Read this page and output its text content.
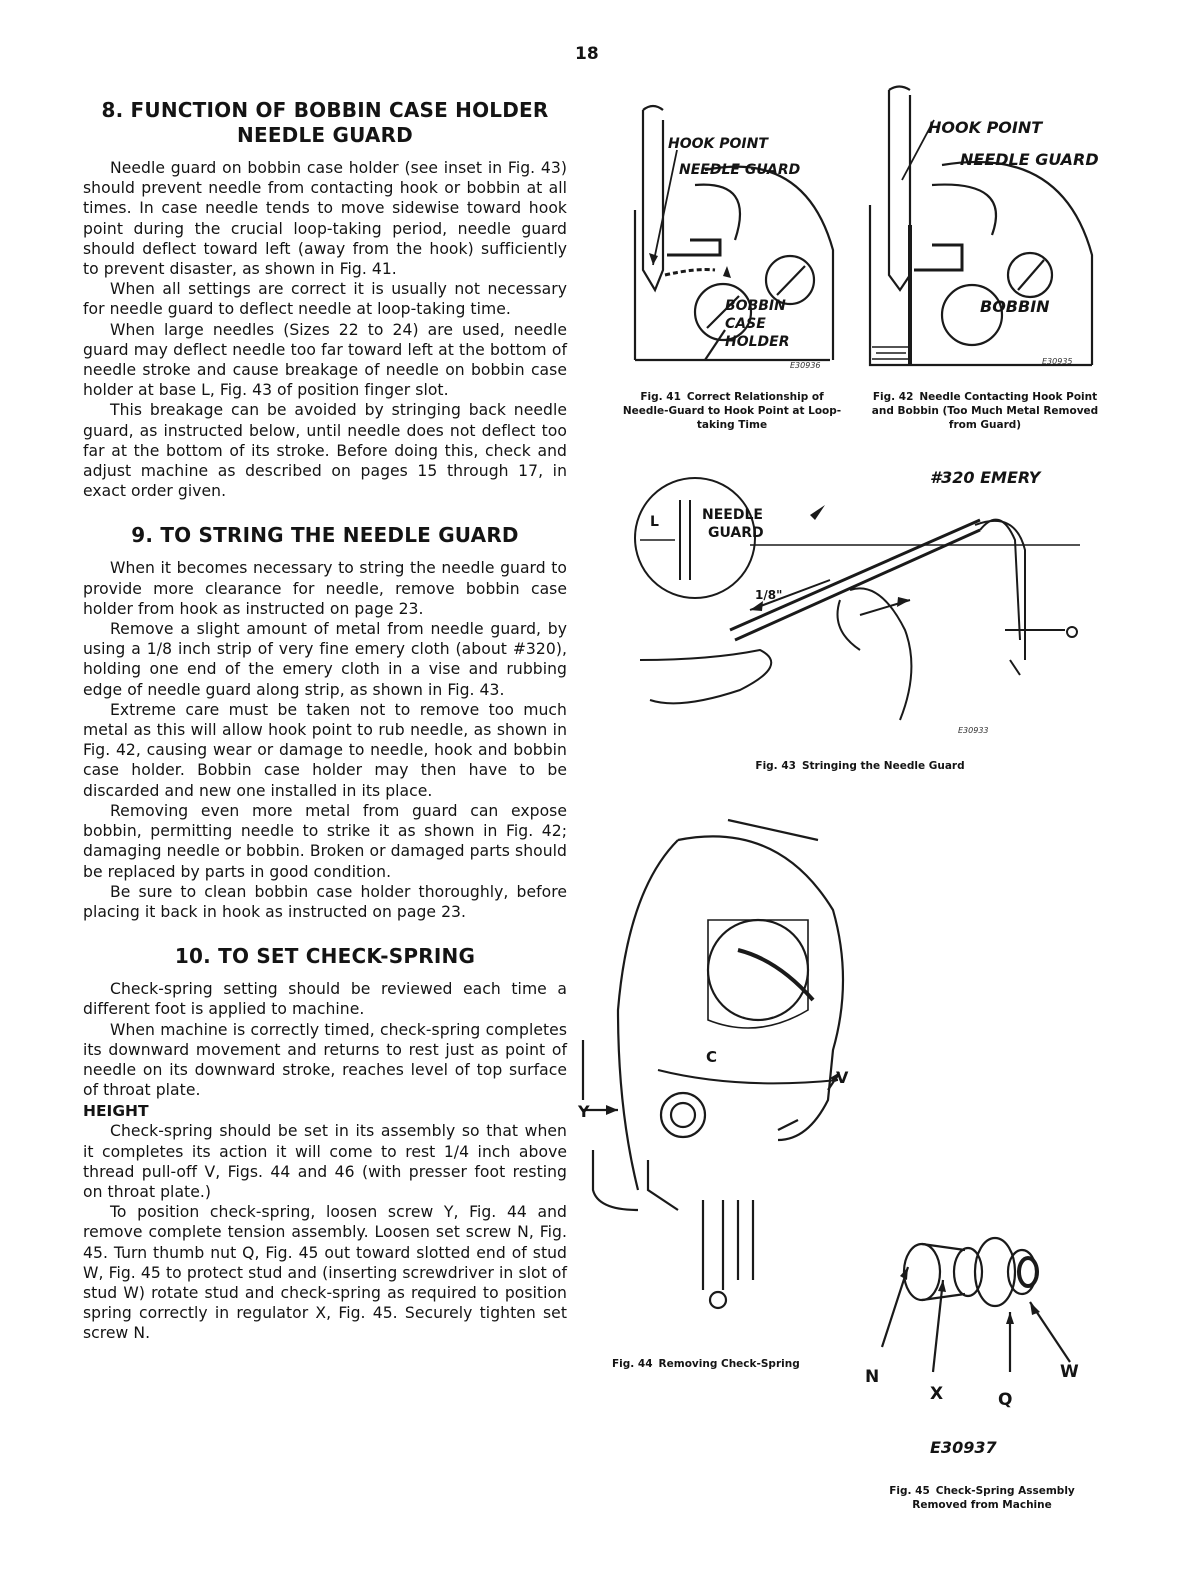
18
8. FUNCTION OF BOBBIN CASE HOLDER
NEEDLE GUARD

Needle guard on bobbin case holder (see inset in Fig. 43) should prevent needle from contacting hook or bobbin at all times. In case needle tends to move sidewise toward hook point during the crucial loop-taking period, needle guard should deflect toward left (away from the hook) sufficiently to prevent disaster, as shown in Fig. 41.

When all settings are correct it is usually not necessary for needle guard to deflect needle at loop-taking time.

When large needles (Sizes 22 to 24) are used, needle guard may deflect needle too far toward left at the bottom of needle stroke and cause breakage of needle on bobbin case holder at base L, Fig. 43 of position finger slot.

This breakage can be avoided by stringing back needle guard, as instructed below, until needle does not deflect too far at the bottom of its stroke. Before doing this, check and adjust machine as described on pages 15 through 17, in exact order given.

9. TO STRING THE NEEDLE GUARD

When it becomes necessary to string the needle guard to provide more clearance for needle, remove bobbin case holder from hook as instructed on page 23.

Remove a slight amount of metal from needle guard, by using a 1/8 inch strip of very fine emery cloth (about #320), holding one end of the emery cloth in a vise and rubbing edge of needle guard along strip, as shown in Fig. 43.

Extreme care must be taken not to remove too much metal as this will allow hook point to rub needle, as shown in Fig. 42, causing wear or damage to needle, hook and bobbin case holder. Bobbin case holder may then have to be discarded and new one installed in its place.

Removing even more metal from guard can expose bobbin, permitting needle to strike it as shown in Fig. 42; damaging needle or bobbin. Broken or damaged parts should be replaced by parts in good condition.

Be sure to clean bobbin case holder thoroughly, before placing it back in hook as instructed on page 23.

10. TO SET CHECK-SPRING

Check-spring setting should be reviewed each time a different foot is applied to machine.

When machine is correctly timed, check-spring completes its downward movement and returns to rest just as point of needle on its downward stroke, reaches level of top surface of throat plate.

HEIGHT

Check-spring should be set in its assembly so that when it completes its action it will come to rest 1/4 inch above thread pull-off V, Figs. 44 and 46 (with presser foot resting on throat plate.)

To position check-spring, loosen screw Y, Fig. 44 and remove complete tension assembly. Loosen set screw N, Fig. 45. Turn thumb nut Q, Fig. 45 out toward slotted end of stud W, Fig. 45 to protect stud and (inserting screwdriver in slot of stud W) rotate stud and check-spring as required to position spring correctly in regulator X, Fig. 45. Securely tighten set screw N.

HOOK POINT
NEEDLE GUARD
BOBBIN
CASE
HOLDER
E30936
Fig. 41 Correct Relationship of Needle-Guard to Hook Point at Loop-taking Time
HOOK POINT
NEEDLE GUARD
BOBBIN
E30935
Fig. 42 Needle Contacting Hook Point and Bobbin (Too Much Metal Removed from Guard)
#320 EMERY
NEEDLE
GUARD
L
1/8"
E30933
Fig. 43 Stringing the Needle Guard
V
Y
C
Fig. 44 Removing Check-Spring
N
X	Q
W
E30937
Fig. 45 Check-Spring Assembly Removed from Machine
